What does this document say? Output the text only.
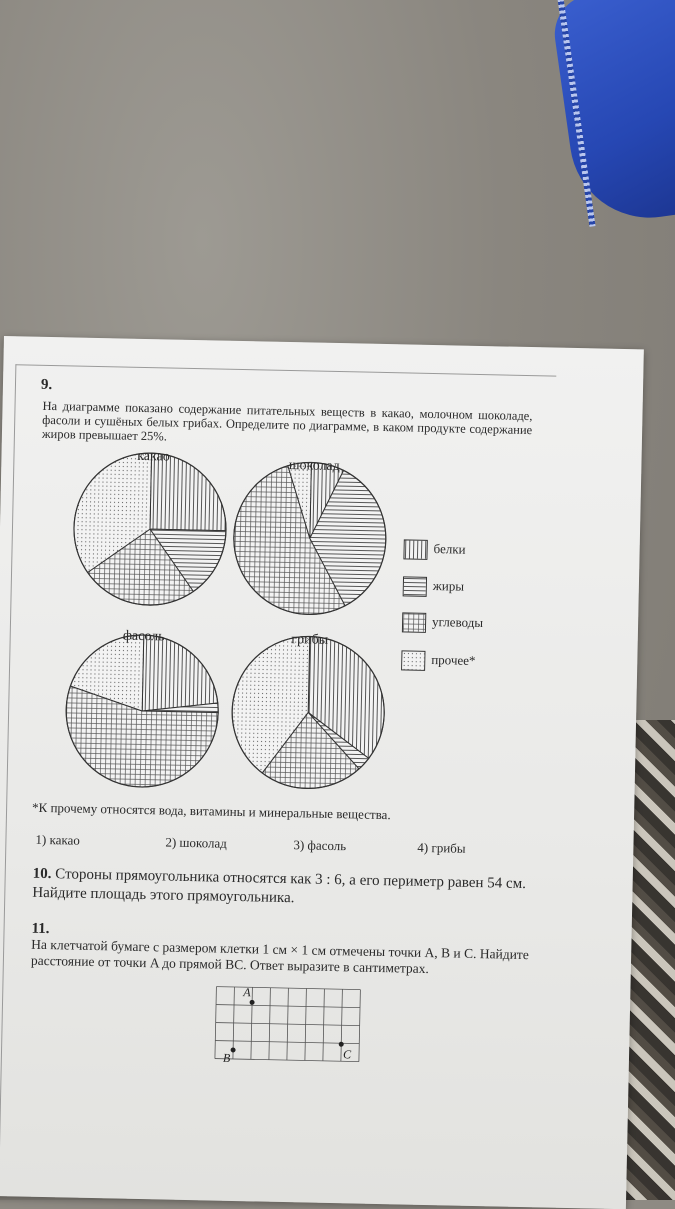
9.
На диаграмме показано содержание питательных веществ в какао, молочном шоколаде, фасоли и сушёных белых грибах. Определите по диаграмме, в каком продукте содержание жиров превышает 25%.
какао
шоколад
фасоль	грибы
белки
жиры
углеводы
прочее*
*К прочему относятся вода, витамины и минеральные вещества.
1) какао	2) шоколад	3) фасоль	4) грибы
10. Стороны прямоугольника относятся как 3 : 6, а его периметр равен 54 см. Найдите площадь этого прямоугольника.
11.
На клетчатой бумаге с размером клетки 1 см × 1 см отмечены точки A, B и C. Найдите расстояние от точки A до прямой BC. Ответ выразите в сантиметрах.
A
B	C
